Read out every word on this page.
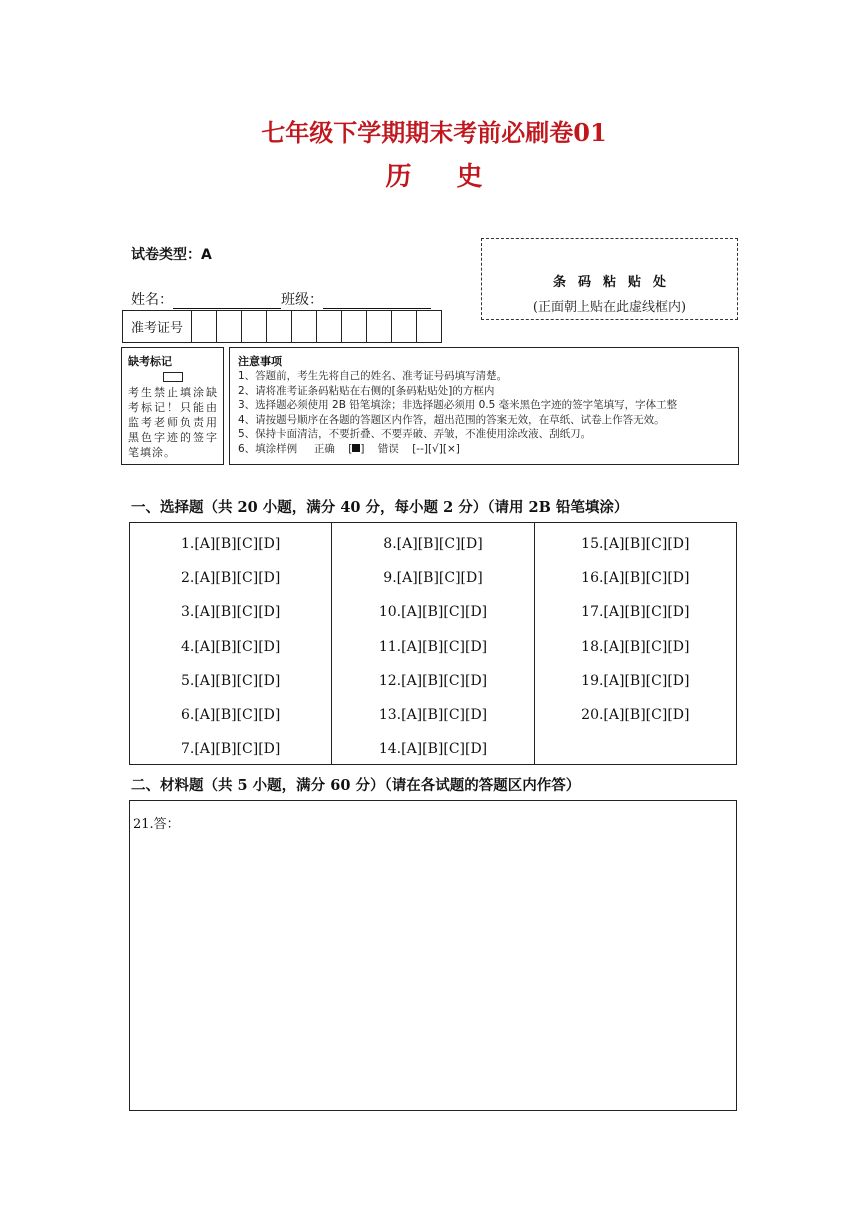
七年级下学期期末考前必刷卷01
历 史
试卷类型：A
姓名：	班级：
条码粘贴处
(正面朝上贴在此虚线框内)
准考证号
缺考标记
考生禁止填涂缺考标记！只能由监考老师负责用黑色字迹的签字笔填涂。
注意事项
1、答题前，考生先将自己的姓名、准考证号码填写清楚。
2、请将准考证条码粘贴在右侧的[条码粘贴处]的方框内
3、选择题必须使用 2B 铅笔填涂；非选择题必须用 0.5 毫米黑色字迹的签字笔填写，字体工整
4、请按题号顺序在各题的答题区内作答，超出范围的答案无效，在草纸、试卷上作答无效。
5、保持卡面清洁，不要折叠、不要弄破、弄皱，不准使用涂改液、刮纸刀。
6、填涂样例 正确 [ ] 错误 [--][√][×]
一、选择题（共 20 小题，满分 40 分，每小题 2 分）（请用 2B 铅笔填涂）
1.[A][B][C][D]
2.[A][B][C][D]
3.[A][B][C][D]
4.[A][B][C][D]
5.[A][B][C][D]
6.[A][B][C][D]
7.[A][B][C][D]
8.[A][B][C][D]
9.[A][B][C][D]
10.[A][B][C][D]
11.[A][B][C][D]
12.[A][B][C][D]
13.[A][B][C][D]
14.[A][B][C][D]
15.[A][B][C][D]
16.[A][B][C][D]
17.[A][B][C][D]
18.[A][B][C][D]
19.[A][B][C][D]
20.[A][B][C][D]
二、材料题（共 5 小题，满分 60 分）（请在各试题的答题区内作答）
21.答：
